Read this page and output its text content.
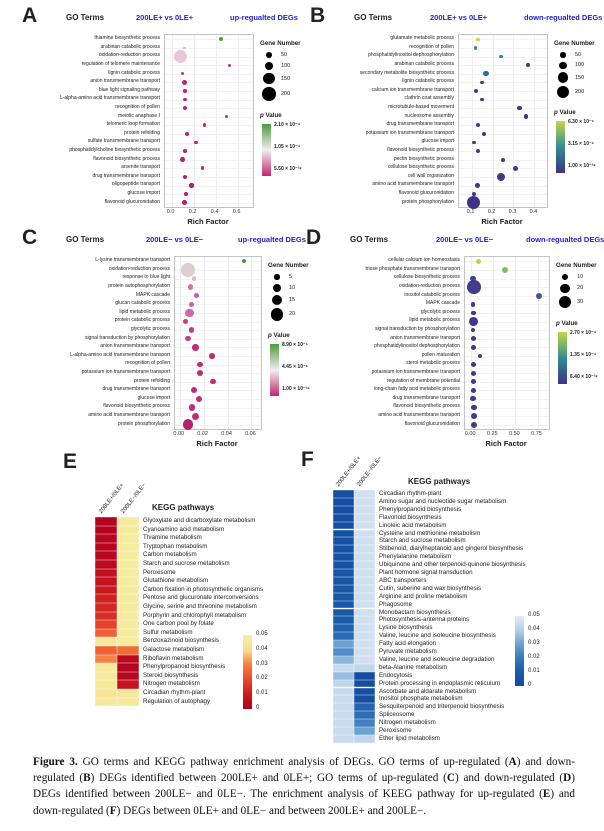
A	GO Terms	200LE+ vs 0LE+	up-regualted DEGs
thiamine biosynthetic process
arabinan catabolic process
oxidation-reduction process
regulation of telomere maintenance
lignin catabolic process
anion transmembrane transport
blue light signaling pathway
L-alpha-amino acid transmembrane transport
recognition of pollen
meiotic anaphase I
telomeric loop formation
protein refolding
sulfate transmembrane transport
phosphatidylcholine biosynthetic process
flavonoid biosynthetic process
arsenite transport
drug transmembrane transport
oligopeptide transport
glucose import
flavonoid glucuronidation
0.0	0.2	0.4	0.6
Rich Factor
Gene Number
50
100
150
200
p Value
2.10 × 10⁻⁴
1.05 × 10⁻⁴
5.50 × 10⁻¹⁸
B	GO Terms	200LE+ vs 0LE+	down-regualted DEGs
glutamate metabolic process
recognition of pollen
phosphatidylinositol dephosphorylation
arabinan catabolic process
secondary metabolite biosynthetic process
lignin catabolic process
calcium ion transmembrane transport
clathrin coat assembly
microtubule-based movement
nucleosome assembly
drug transmembrane transport
potassium ion transmembrane transport
glucose import
flavonoid biosynthetic process
pectin biosynthetic process
cellulose biosynthetic process
cell wall organization
amino acid transmembrane transport
flavonoid glucuronidation
protein phosphorylation
0.1 0.2 0.3 0.4
Rich Factor
Gene Number
50
100
150
200
p Value
6.30 × 10⁻⁵
3.15 × 10⁻⁵
1.00 × 10⁻¹⁸
C	GO Terms	200LE− vs 0LE−	up-regualted DEGs
L-lysine transmembrane transport
oxidation-reduction process
response to blue light
protein autophosphorylation
MAPK cascade
glucan catabolic process
lipid metabolic process
protein catabolic process
glycolytic process
signal transduction by phosphorylation
anion transmembrane transport
L-alpha-amino acid transmembrane transport
recognition of pollen
potassium ion transmembrane transport
protein refolding
drug transmembrane transport
glucose import
flavonoid biosynthetic process
amino acid transmembrane transport
protein phosphorylation
0.00 0.02 0.04 0.06
Rich Factor
Gene Number
5
10
15
20
p Value
8.90 × 10⁻⁵
4.45 × 10⁻⁵
1.00 × 10⁻¹⁸
D	GO Terms	200LE− vs 0LE−	down-regualted DEGs
cellular calcium ion homeostasis
triose phosphate transmembrane transport
cellulose biosynthetic process
oxidation-reduction process
inositol catabolic process
MAPK cascade
glycolytic process
lipid metabolic process
signal transduction by phosphorylation
anion transmembrane transport
phosphatidylinositol dephosphorylation
pollen maturation
sterol metabolic process
potassium ion transmembrane transport
regulation of membrane potential
long-chain fatty acid metabolic process
drug transmembrane transport
flavonoid biosynthetic process
amino acid transmembrane transport
flavonoid glucuronidation
0.00 0.25 0.50 0.75
Rich Factor
Gene Number
10
20
30
p Value
2.70 × 10⁻⁴
1.35 × 10⁻⁴
6.40 × 10⁻¹⁸
E
KEGG pathways
200LE+/0LE+
200LE−/0LE−
Glyoxylate and dicarboxylate metabolism
Cyanoamino acid metabolism
Thiamine metabolism
Tryptophan metabolism
Carbon metabolism
Starch and sucrose metabolism
Peroxisome
Glutathione metabolism
Carbon fixation in photosynthetic organisms
Pentose and glucuronate interconversions
Glycine, serine and threonine metabolism
Porphyrin and chlorophyll metabolism
One carbon pool by folate
Sulfur metabolism
Benzoxazinoid biosynthesis
Galactose metabolism
Riboflavin metabolism
Phenylpropanoid biosynthesis
Steroid biosynthesis
Nitrogen metabolism
Circadian rhythm-plant
Regulation of autophagy
0.05
0.04
0.03
0.02
0.01
0
F
KEGG pathways
200LE+/0LE+
200LE−/0LE−
Circadian rhythm-plant
Amino sugar and nucleotide sugar metabolism
Phenylpropanoid biosynthesis
Flavonoid biosynthesis
Linoleic acid metabolism
Cysteine and methionine metabolism
Starch and sucrose metabolism
Stilbenoid, diarylheptanoid and gingerol biosynthesis
Phenylalanine metabolism
Ubiquinone and other terpenoid-quinone biosynthesis
Plant hormone signal transduction
ABC transporters
Cutin, suberine and wax biosynthesis
Arginine and proline metabolism
Phagosome
Monobactam biosynthesis
Photosynthesis-antenna proteins
Lysine biosynthesis
Valine, leucine and isoleucine biosynthesis
Fatty acid elongation
Pyruvate metabolism
Valine, leucine and isoleucine degradation
beta-Alanine metabolism
Endocytosis
Protein processing in endoplasmic reticulum
Ascorbate and aldarate metabolism
Inositol phosphate metabolism
Sesquiterpenoid and triterpenoid biosynthesis
Spliceosome
Nitrogen metabolism
Peroxisome
Ether lipid metabolism
0.05
0.04
0.03
0.02
0.01
0
Figure 3. GO terms and KEGG pathway enrichment analysis of DEGs. GO terms of up-regulated (A) and down-regulated (B) DEGs identified between 200LE+ and 0LE+; GO terms of up-regulated (C) and down-regulated (D) DEGs identified between 200LE− and 0LE−. The enrichment analysis of KEEG pathway for up-regulated (E) and down-regulated (F) DEGs between 0LE+ and 0LE− and between 200LE+ and 200LE−.
